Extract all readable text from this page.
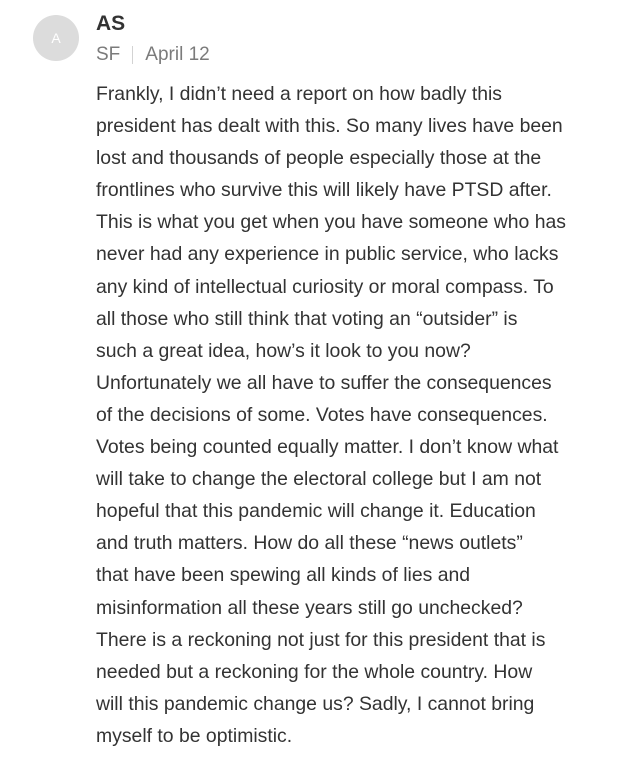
A
AS
SF April 12
Frankly, I didn’t need a report on how badly this
president has dealt with this. So many lives have been
lost and thousands of people especially those at the
frontlines who survive this will likely have PTSD after.
This is what you get when you have someone who has
never had any experience in public service, who lacks
any kind of intellectual curiosity or moral compass. To
all those who still think that voting an “outsider” is
such a great idea, how’s it look to you now?
Unfortunately we all have to suffer the consequences
of the decisions of some. Votes have consequences.
Votes being counted equally matter. I don’t know what
will take to change the electoral college but I am not
hopeful that this pandemic will change it. Education
and truth matters. How do all these “news outlets”
that have been spewing all kinds of lies and
misinformation all these years still go unchecked?
There is a reckoning not just for this president that is
needed but a reckoning for the whole country. How
will this pandemic change us? Sadly, I cannot bring
myself to be optimistic.
